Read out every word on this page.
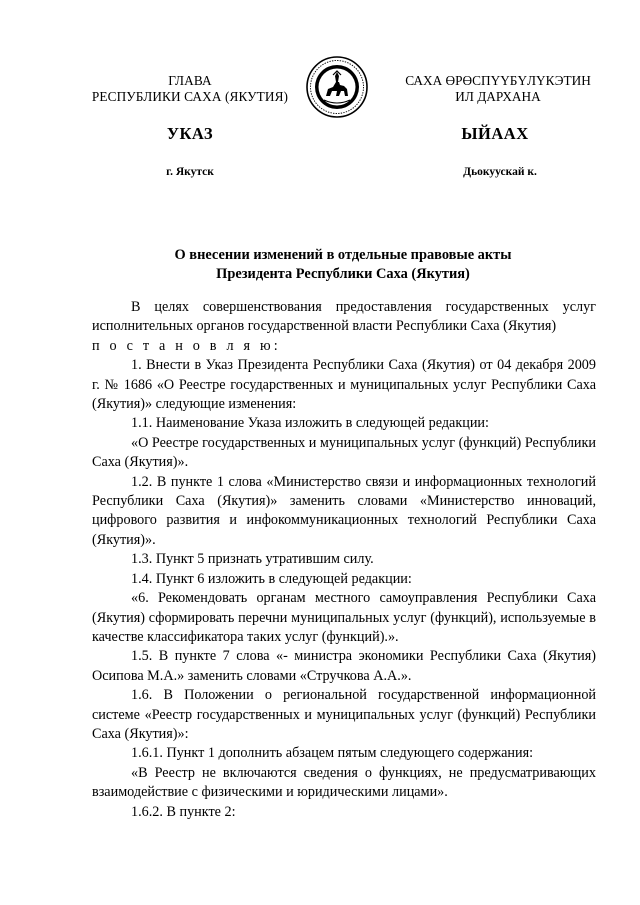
ГЛАВА
РЕСПУБЛИКИ САХА (ЯКУТИЯ)
САХА ӨРӨСПҮҮБҮЛҮКЭТИН
ИЛ ДАРХАНА
УКАЗ	ЫЙААХ
г. Якутск	Дьокуускай к.
О внесении изменений в отдельные правовые акты
Президента Республики Саха (Якутия)

В целях совершенствования предоставления государственных услуг исполнительных органов государственной власти Республики Саха (Якутия)

п о с т а н о в л я ю:

1. Внести в Указ Президента Республики Саха (Якутия) от 04 декабря 2009 г. № 1686 «О Реестре государственных и муниципальных услуг Республики Саха (Якутия)» следующие изменения:

1.1. Наименование Указа изложить в следующей редакции:

«О Реестре государственных и муниципальных услуг (функций) Республики Саха (Якутия)».

1.2. В пункте 1 слова «Министерство связи и информационных технологий Республики Саха (Якутия)» заменить словами «Министерство инноваций, цифрового развития и инфокоммуникационных технологий Республики Саха (Якутия)».

1.3. Пункт 5 признать утратившим силу.

1.4. Пункт 6 изложить в следующей редакции:

«6. Рекомендовать органам местного самоуправления Республики Саха (Якутия) сформировать перечни муниципальных услуг (функций), используемые в качестве классификатора таких услуг (функций).».

1.5. В пункте 7 слова «- министра экономики Республики Саха (Якутия) Осипова М.А.» заменить словами «Стручкова А.А.».

1.6. В Положении о региональной государственной информационной системе «Реестр государственных и муниципальных услуг (функций) Республики Саха (Якутия)»:

1.6.1. Пункт 1 дополнить абзацем пятым следующего содержания:

«В Реестр не включаются сведения о функциях, не предусматривающих взаимодействие с физическими и юридическими лицами».

1.6.2. В пункте 2:
